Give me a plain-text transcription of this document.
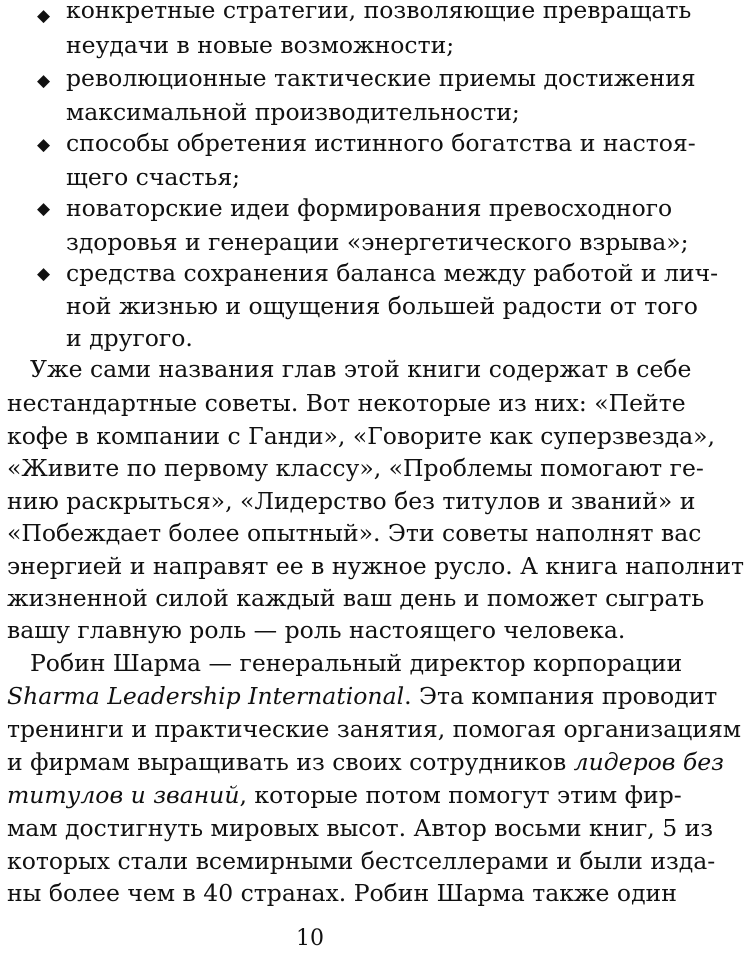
◆ конкретные стратегии, позволяющие превращать
неудачи в новые возможности;
◆ революционные тактические приемы достижения
максимальной производительности;
◆ способы обретения истинного богатства и настоя-
щего счастья;
◆ новаторские идеи формирования превосходного
здоровья и генерации «энергетического взрыва»;
◆ средства сохранения баланса между работой и лич-
ной жизнью и ощущения большей радости от того
и другого.
Уже сами названия глав этой книги содержат в себе
нестандартные советы. Вот некоторые из них: «Пейте
кофе в компании с Ганди», «Говорите как суперзвезда»,
«Живите по первому классу», «Проблемы помогают ге-
нию раскрыться», «Лидерство без титулов и званий» и
«Побеждает более опытный». Эти советы наполнят вас
энергией и направят ее в нужное русло. А книга наполнит
жизненной силой каждый ваш день и поможет сыграть
вашу главную роль — роль настоящего человека.
Робин Шарма — генеральный директор корпорации
Sharma Leadership International. Эта компания проводит
тренинги и практические занятия, помогая организациям
и фирмам выращивать из своих сотрудников лидеров без
титулов и званий, которые потом помогут этим фир-
мам достигнуть мировых высот. Автор восьми книг, 5 из
которых стали всемирными бестселлерами и были изда-
ны более чем в 40 странах. Робин Шарма также один
10
